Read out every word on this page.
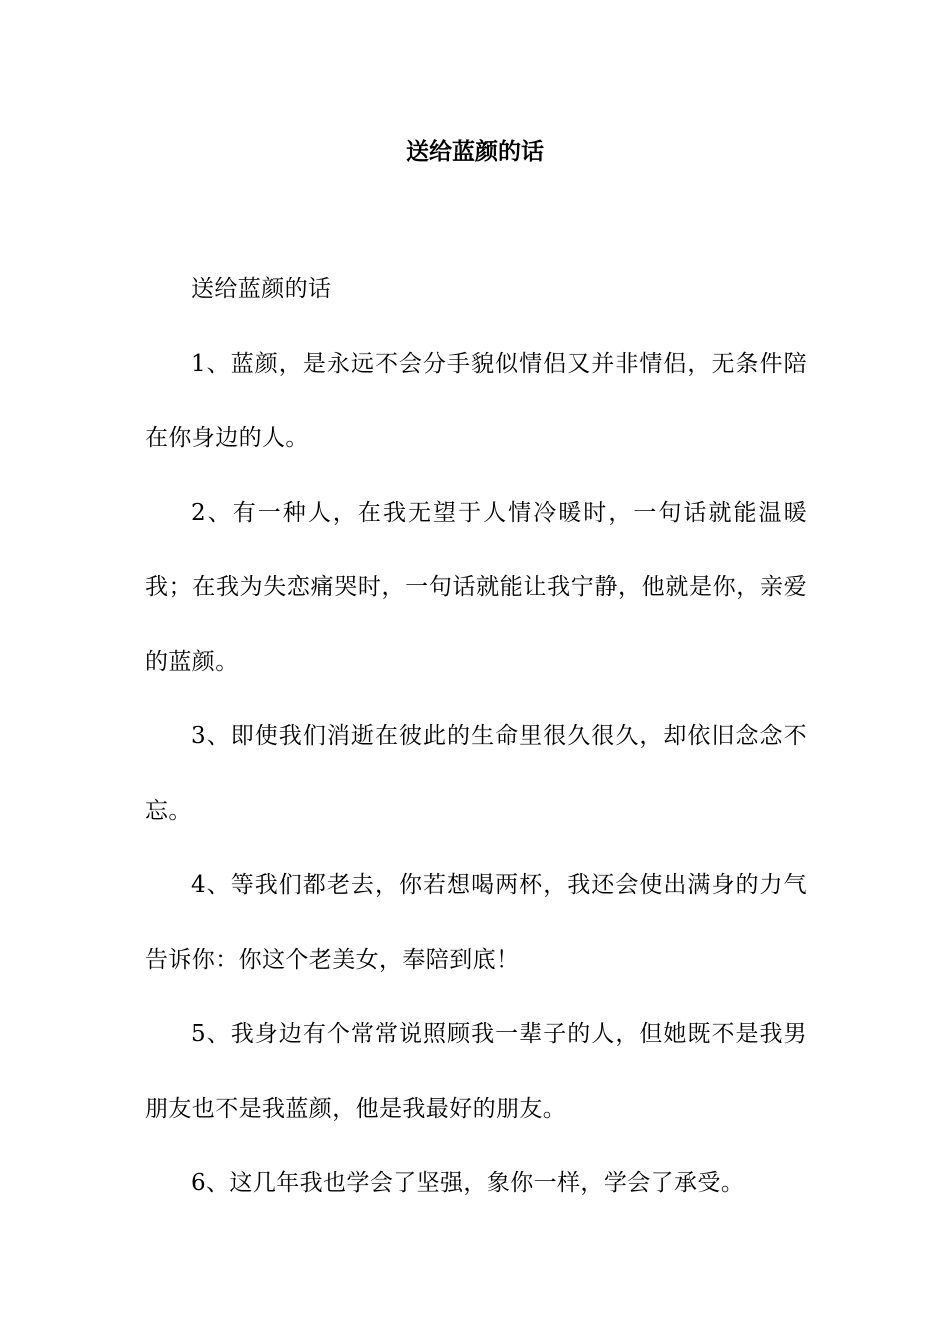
送给蓝颜的话

送给蓝颜的话

1、蓝颜，是永远不会分手貌似情侣又并非情侣，无条件陪在你身边的人。

2、有一种人，在我无望于人情冷暖时，一句话就能温暖我；在我为失恋痛哭时，一句话就能让我宁静，他就是你，亲爱的蓝颜。

3、即使我们消逝在彼此的生命里很久很久，却依旧念念不忘。

4、等我们都老去，你若想喝两杯，我还会使出满身的力气告诉你：你这个老美女，奉陪到底！

5、我身边有个常常说照顾我一辈子的人，但她既不是我男朋友也不是我蓝颜，他是我最好的朋友。

6、这几年我也学会了坚强，象你一样，学会了承受。
